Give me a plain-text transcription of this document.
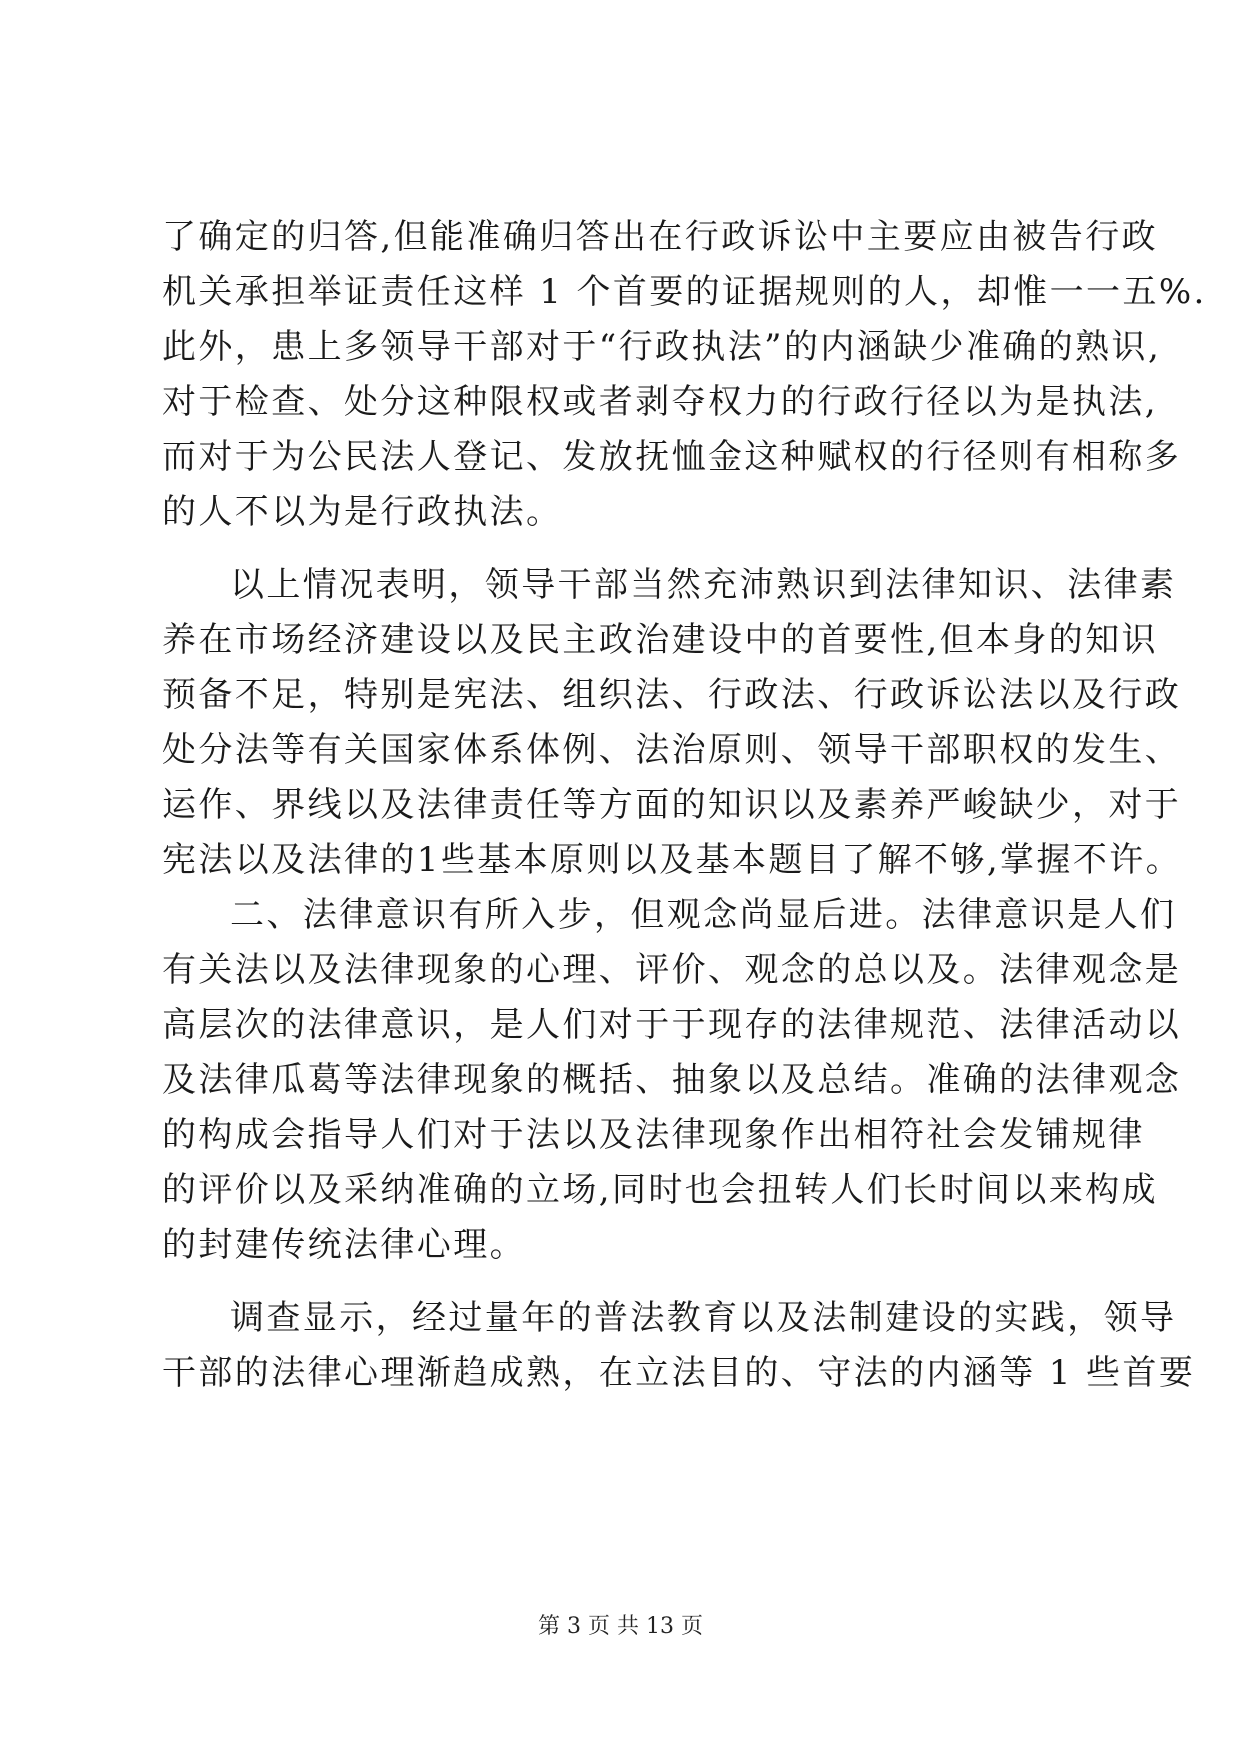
了确定的归答,但能准确归答出在行政诉讼中主要应由被告行政
机关承担举证责任这样 1 个首要的证据规则的人，却惟一一五%.
此外，患上多领导干部对于“行政执法”的内涵缺少准确的熟识,
对于检查、处分这种限权或者剥夺权力的行政行径以为是执法,
而对于为公民法人登记、发放抚恤金这种赋权的行径则有相称多
的人不以为是行政执法。
以上情况表明，领导干部当然充沛熟识到法律知识、法律素
养在市场经济建设以及民主政治建设中的首要性,但本身的知识
预备不足，特别是宪法、组织法、行政法、行政诉讼法以及行政
处分法等有关国家体系体例、法治原则、领导干部职权的发生、
运作、界线以及法律责任等方面的知识以及素养严峻缺少，对于
宪法以及法律的1些基本原则以及基本题目了解不够,掌握不许。
二、法律意识有所入步，但观念尚显后进。法律意识是人们
有关法以及法律现象的心理、评价、观念的总以及。法律观念是
高层次的法律意识，是人们对于于现存的法律规范、法律活动以
及法律瓜葛等法律现象的概括、抽象以及总结。准确的法律观念
的构成会指导人们对于法以及法律现象作出相符社会发铺规律
的评价以及采纳准确的立场,同时也会扭转人们长时间以来构成
的封建传统法律心理。
调查显示，经过量年的普法教育以及法制建设的实践，领导
干部的法律心理渐趋成熟，在立法目的、守法的内涵等 1 些首要
第 3 页 共 13 页
